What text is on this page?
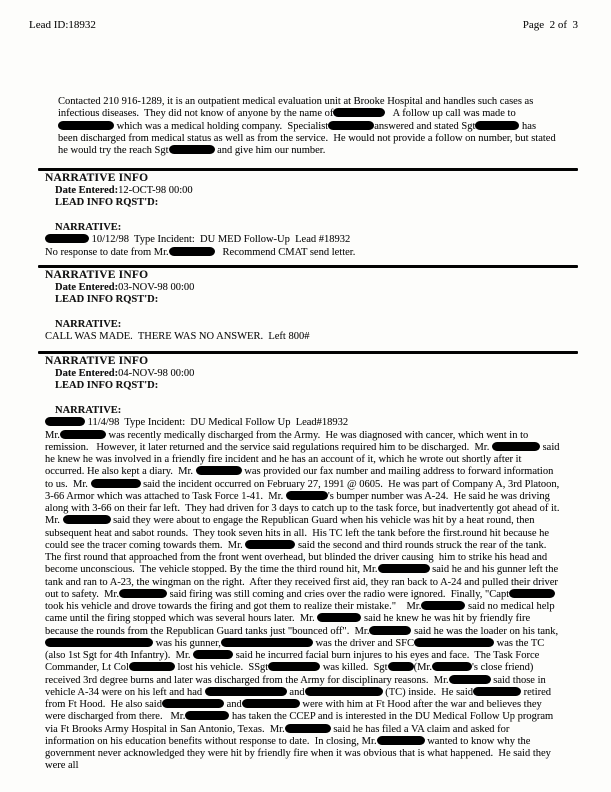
Lead ID:18932	Page  2 of  3

Contacted 210 916-1289, it is an outpatient medical evaluation unit at Brooke Hospital and handles such cases as infectious diseases.  They did not know of anyone by the name of	A follow up call was made to which was a medical holding company.  Specialist	answered and stated Sgt	has been discharged from medical status as well as from the service.  He would not provide a follow on number, but stated he would try the reach Sgt	and give him our number.

NARRATIVE INFO
Date Entered:12-OCT-98 00:00
LEAD INFO RQST'D:
NARRATIVE:
10/12/98  Type Incident:  DU MED Follow-Up  Lead #18932
No response to date from Mr.	Recommend CMAT send letter.
NARRATIVE INFO
Date Entered:03-NOV-98 00:00
LEAD INFO RQST'D:
NARRATIVE:
CALL WAS MADE.  THERE WAS NO ANSWER.  Left 800#
NARRATIVE INFO
Date Entered:04-NOV-98 00:00
LEAD INFO RQST'D:
NARRATIVE:
11/4/98  Type Incident:  DU Medical Follow Up  Lead#18932
Mr.	was recently medically discharged from the Army.  He was diagnosed with cancer, which went in to remission.   However, it later returned and the service said regulations required him to be discharged.  Mr.	said he knew he was involved in a friendly fire incident and he has an account of it, which he wrote out shortly after it occurred. He also kept a diary.  Mr.	was provided our fax number and mailing address to forward information to us.  Mr.	said the incident occurred on February 27, 1991 @ 0605.  He was part of Company A, 3rd Platoon, 3-66 Armor which was attached to Task Force 1-41.  Mr.	's bumper number was A-24.  He said he was driving along with 3-66 on their far left.  They had driven for 3 days to catch up to the task force, but inadvertently got ahead of it.  Mr.	said they were about to engage the Republican Guard when his vehicle was hit by a heat round, then subsequent heat and sabot rounds.  They took seven hits in all.  His TC left the tank before the first.round hit because he could see the tracer coming towards them.  Mr.	said the second and third rounds struck the rear of the tank.  The first round that approached from the front went overhead, but blinded the driver causing  him to strike his head and become unconscious.  The vehicle stopped. By the time the third round hit, Mr.	said he and his gunner left the tank and ran to A-23, the wingman on the right.  After they received first aid, they ran back to A-24 and pulled their driver out to safety.  Mr.	said firing was still coming and cries over the radio were ignored.  Finally, "Capttook his vehicle and drove towards the firing and got them to realize their mistake."    Mr.	said no medical help came until the firing stopped which was several hours later.  Mr.	said he knew he was hit by friendly fire because the rounds from the Republican Guard tanks just "bounced off".  Mr.	said he was the loader on his tank,  was his gunner,	was the driver and SFC	was the TC (also 1st Sgt for 4th Infantry).  Mr.	said he incurred facial burn injures to his eyes and face.  The Task Force Commander, Lt Col	lost his vehicle.  SSgt	was killed.  Sgt (Mr.	's close friend) received 3rd degree burns and later was discharged from the Army for disciplinary reasons.  Mr.	said those in vehicle A-34 were on his left and had	and	(TC) inside.  He said	retired from Ft Hood.  He also said	and	were with him at Ft Hood after the war and believes they were discharged from there.   Mr.	has taken the CCEP and is interested in the DU Medical Follow Up program via Ft Brooks Army Hospital in San Antonio, Texas.  Mr.	said he has filed a VA claim and asked for information on his education benefits without response to date.  In closing, Mr.	wanted to know why the government never acknowledged they were hit by friendly fire when it was obvious that is what happened.  He said they were all
